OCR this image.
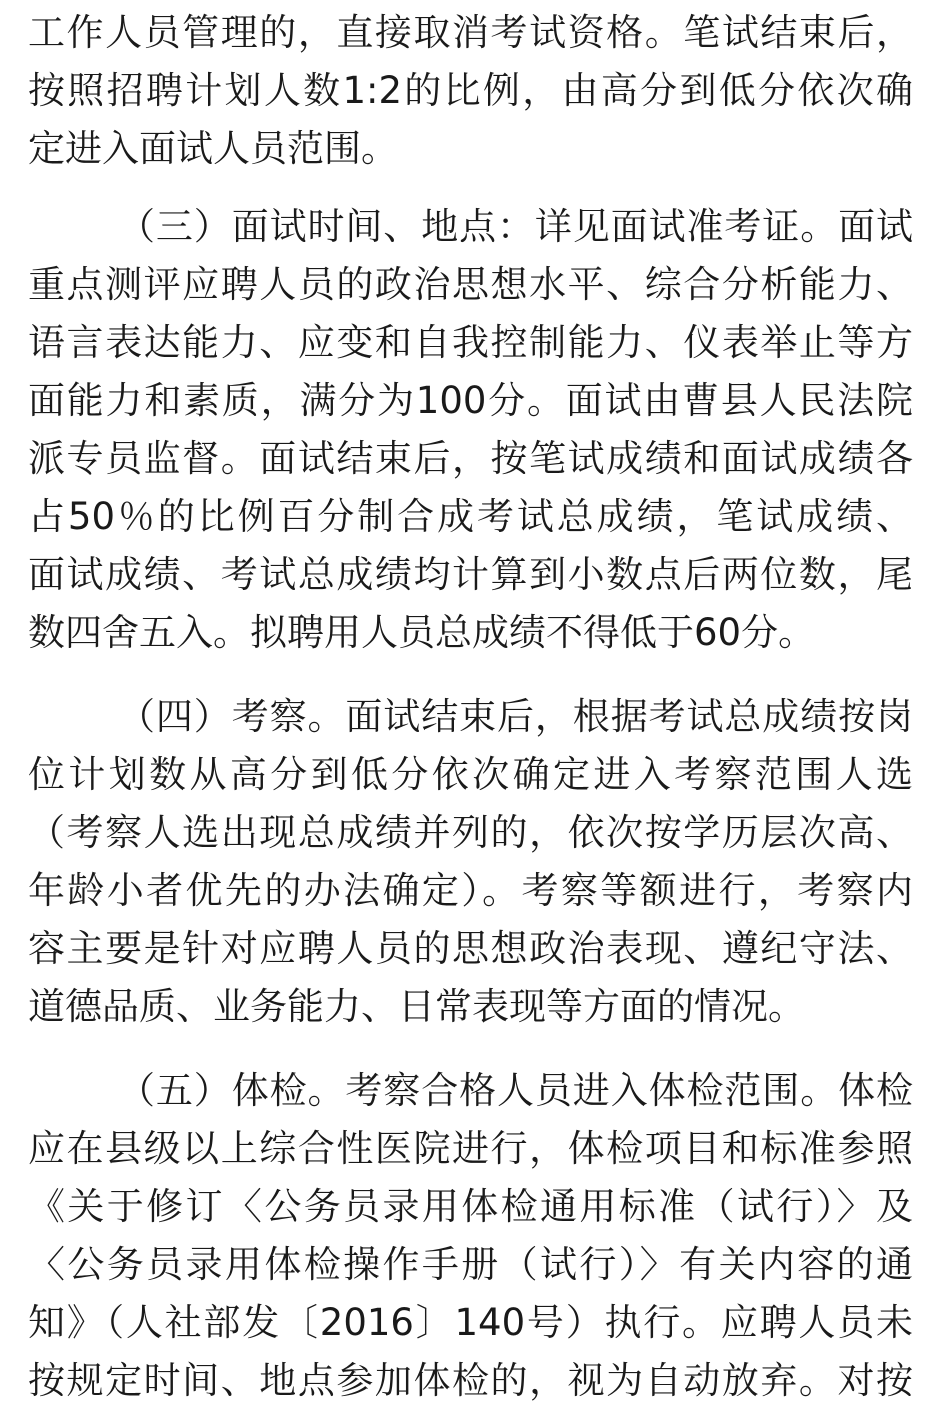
工作人员管理的，直接取消考试资格。笔试结束后，
按照招聘计划人数1:2的比例，由高分到低分依次确
定进入面试人员范围。
（三）面试时间、地点：详见面试准考证。面试
重点测评应聘人员的政治思想水平、综合分析能力、
语言表达能力、应变和自我控制能力、仪表举止等方
面能力和素质，满分为100分。面试由曹县人民法院
派专员监督。面试结束后，按笔试成绩和面试成绩各
占50％的比例百分制合成考试总成绩，笔试成绩、
面试成绩、考试总成绩均计算到小数点后两位数，尾
数四舍五入。拟聘用人员总成绩不得低于60分。
（四）考察。面试结束后，根据考试总成绩按岗
位计划数从高分到低分依次确定进入考察范围人选
（考察人选出现总成绩并列的，依次按学历层次高、
年龄小者优先的办法确定）。考察等额进行，考察内
容主要是针对应聘人员的思想政治表现、遵纪守法、
道德品质、业务能力、日常表现等方面的情况。
（五）体检。考察合格人员进入体检范围。体检
应在县级以上综合性医院进行，体检项目和标准参照
《关于修订〈公务员录用体检通用标准（试行）〉及
〈公务员录用体检操作手册（试行）〉有关内容的通
知》（人社部发〔2016〕140号）执行。应聘人员未
按规定时间、地点参加体检的，视为自动放弃。对按
